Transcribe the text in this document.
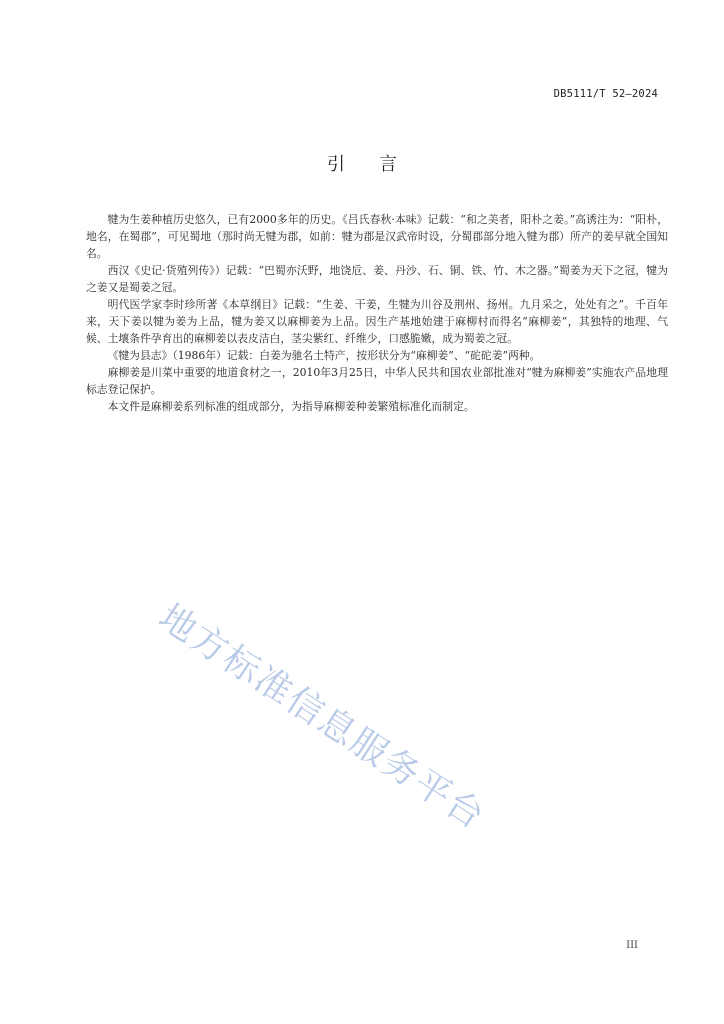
DB5111/T 52—2024
引言

犍为生姜种植历史悠久，已有2000多年的历史。《吕氏春秋·本味》记载：“和之美者，阳朴之姜。”高诱注为：“阳朴，地名，在蜀郡”，可见蜀地（那时尚无犍为郡，如前：犍为郡是汉武帝时设，分蜀郡部分地入犍为郡）所产的姜早就全国知名。

西汉《史记·货殖列传》）记载：“巴蜀亦沃野，地饶卮、姜、丹沙、石、铜、铁、竹、木之器。”蜀姜为天下之冠，犍为之姜又是蜀姜之冠。

明代医学家李时珍所著《本草纲目》记载：“生姜、干姜，生犍为川谷及荆州、扬州。九月采之，处处有之”。千百年来，天下姜以犍为姜为上品，犍为姜又以麻柳姜为上品。因生产基地始建于麻柳村而得名“麻柳姜”，其独特的地理、气候、土壤条件孕育出的麻柳姜以表皮洁白，茎尖紫红、纤维少，口感脆嫩，成为蜀姜之冠。

《犍为县志》（1986年）记载：白姜为驰名土特产，按形状分为“麻柳姜”、“砣砣姜”两种。

麻柳姜是川菜中重要的地道食材之一，2010年3月25日，中华人民共和国农业部批准对“犍为麻柳姜”实施农产品地理标志登记保护。

本文件是麻柳姜系列标准的组成部分，为指导麻柳姜种姜繁殖标准化而制定。

地方标准信息服务平台
III
